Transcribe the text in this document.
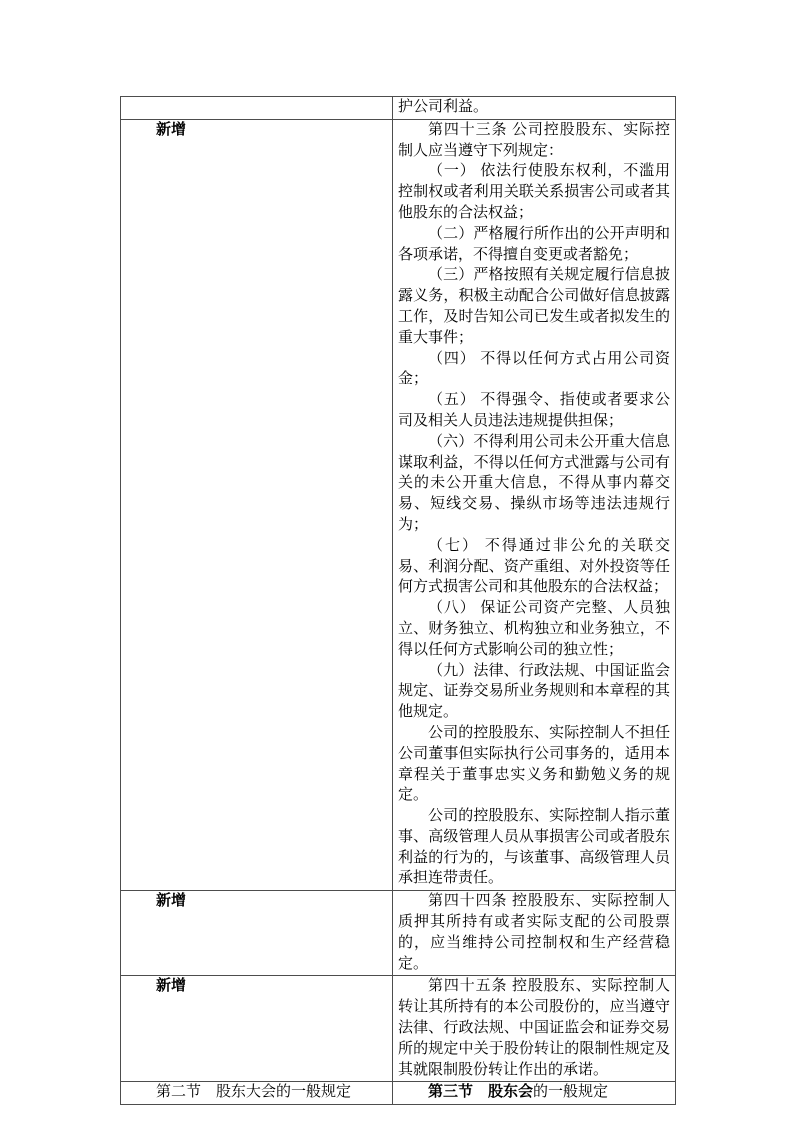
	护公司利益。

新增	第四十三条 公司控股股东、实际控制人应当遵守下列规定：

（一） 依法行使股东权利，不滥用控制权或者利用关联关系损害公司或者其他股东的合法权益；

（二）严格履行所作出的公开声明和各项承诺，不得擅自变更或者豁免；

（三）严格按照有关规定履行信息披露义务，积极主动配合公司做好信息披露工作，及时告知公司已发生或者拟发生的重大事件；

（四） 不得以任何方式占用公司资金；

（五） 不得强令、指使或者要求公司及相关人员违法违规提供担保；

（六）不得利用公司未公开重大信息谋取利益，不得以任何方式泄露与公司有关的未公开重大信息，不得从事内幕交易、短线交易、操纵市场等违法违规行为；

（七） 不得通过非公允的关联交易、利润分配、资产重组、对外投资等任何方式损害公司和其他股东的合法权益；

（八） 保证公司资产完整、人员独立、财务独立、机构独立和业务独立，不得以任何方式影响公司的独立性；

（九）法律、行政法规、中国证监会规定、证券交易所业务规则和本章程的其他规定。

公司的控股股东、实际控制人不担任公司董事但实际执行公司事务的，适用本章程关于董事忠实义务和勤勉义务的规定。

公司的控股股东、实际控制人指示董事、高级管理人员从事损害公司或者股东利益的行为的，与该董事、高级管理人员承担连带责任。

新增	第四十四条 控股股东、实际控制人质押其所持有或者实际支配的公司股票的，应当维持公司控制权和生产经营稳定。

新增	第四十五条 控股股东、实际控制人转让其所持有的本公司股份的，应当遵守法律、行政法规、中国证监会和证券交易所的规定中关于股份转让的限制性规定及其就限制股份转让作出的承诺。

第二节　股东大会的一般规定	第三节　股东会的一般规定
